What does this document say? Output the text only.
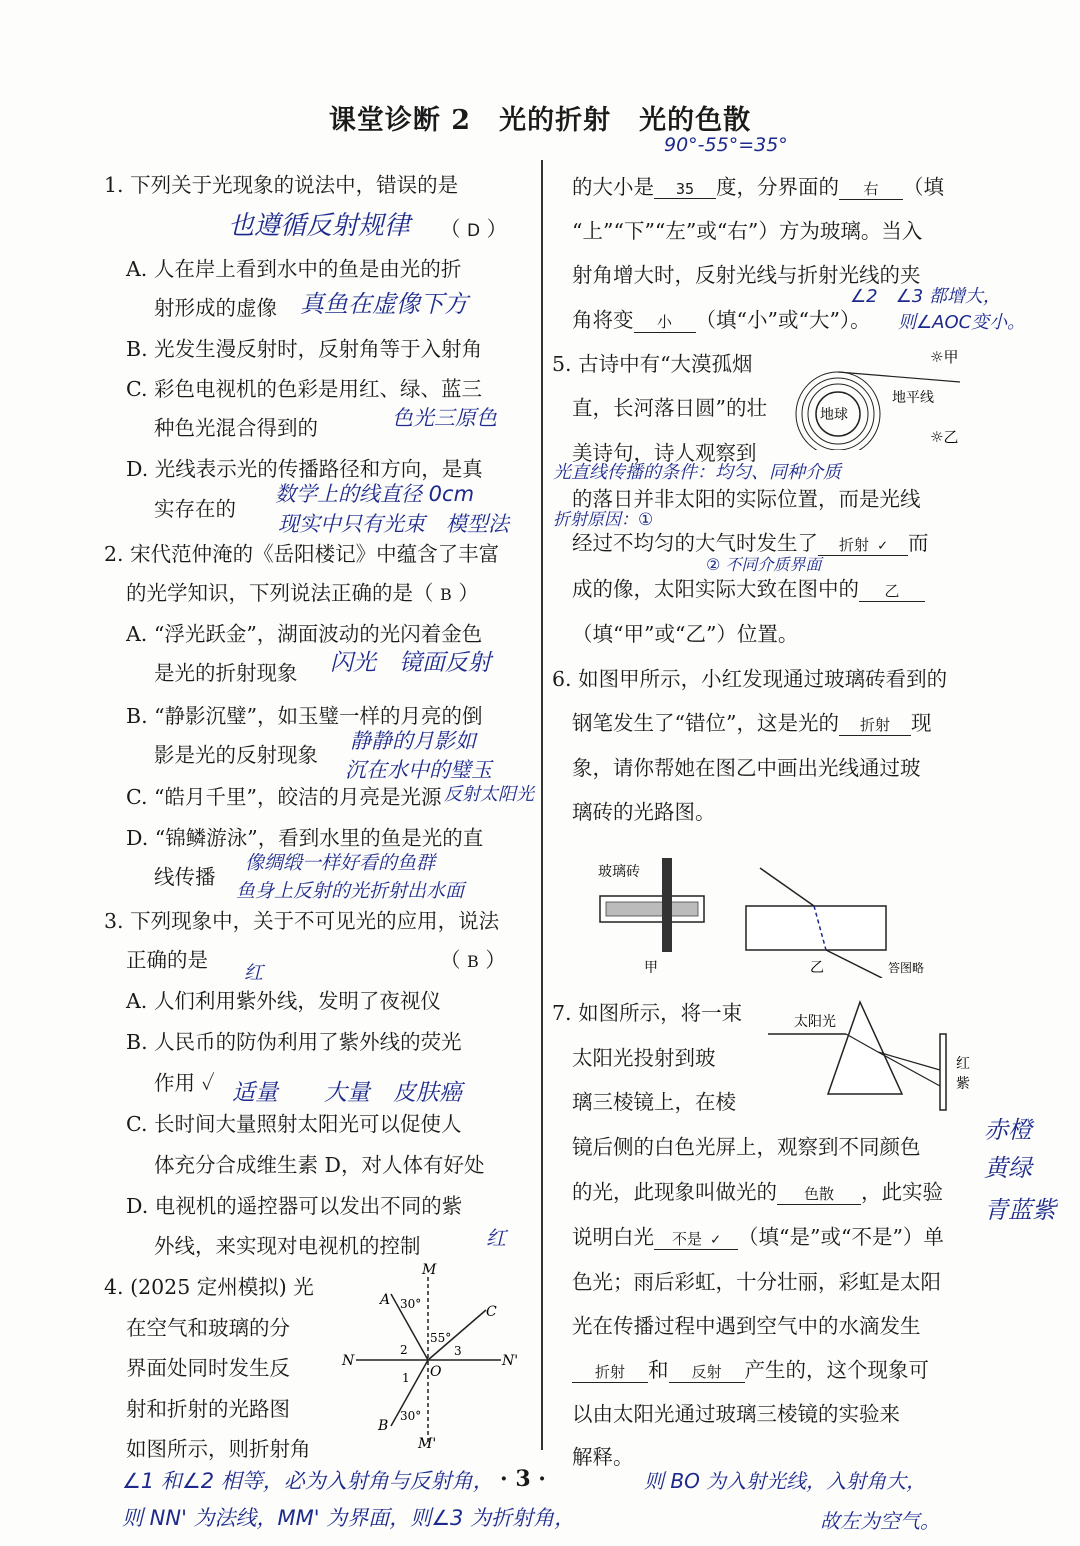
课堂诊断 2　光的折射　光的色散
90°-55°=35°
1. 下列关于光现象的说法中，错误的是
也遵循反射规律 （ D ）
A. 人在岸上看到水中的鱼是由光的折
射形成的虚像 真鱼在虚像下方
B. 光发生漫反射时，反射角等于入射角
C. 彩色电视机的色彩是用红、绿、蓝三
种色光混合得到的	色光三原色
D. 光线表示光的传播路径和方向，是真
实存在的
数学上的线直径 0cm
现实中只有光束　模型法
2. 宋代范仲淹的《岳阳楼记》中蕴含了丰富
的光学知识，下列说法正确的是（ B ）
A. “浮光跃金”，湖面波动的光闪着金色
是光的折射现象 闪光　镜面反射
B. “静影沉璧”，如玉璧一样的月亮的倒
影是光的反射现象
静静的月影如
沉在水中的璧玉
C. “皓月千里”，皎洁的月亮是光源 反射太阳光
D. “锦鳞游泳”，看到水里的鱼是光的直
线传播
像绸缎一样好看的鱼群
鱼身上反射的光折射出水面
3. 下列现象中，关于不可见光的应用，说法
正确的是	（ B ）
红
A. 人们利用紫外线，发明了夜视仪
B. 人民币的防伪利用了紫外线的荧光
作用 ✓ 适量　　大量　皮肤癌
C. 长时间大量照射太阳光可以促使人
体充分合成维生素 D，对人体有好处
D. 电视机的遥控器可以发出不同的紫
外线，来实现对电视机的控制	红
4. (2025 定州模拟) 光
在空气和玻璃的分
界面处同时发生反
射和折射的光路图
如图所示，则折射角
M
M'
N	N'
A
B
C
O
1
2	3
30°
30°
55°
∠1 和∠2 相等，必为入射角与反射角，
则 NN' 为法线，MM' 为界面，则∠3 为折射角，
· 3 ·
的大小是 35 度，分界面的 右 （填
“上”“下”“左”或“右”）方为玻璃。当入
射角增大时，反射光线与折射光线的夹
∠2　∠3 都增大，
角将变 小 （填“小”或“大”）。 则∠AOC变小。
5. 古诗中有“大漠孤烟
直，长河落日圆”的壮
美诗句，诗人观察到
光直线传播的条件：均匀、同种介质
的落日并非太阳的实际位置，而是光线
折射原因：①
经过不均匀的大气时发生了 折射 ✓ 而
② 不同介质界面
成的像，太阳实际大致在图中的 乙
（填“甲”或“乙”）位置。
地球
地平线
☼甲
☼乙
6. 如图甲所示，小红发现通过玻璃砖看到的
钢笔发生了“错位”，这是光的 折射 现
象，请你帮她在图乙中画出光线通过玻
璃砖的光路图。
玻璃砖
甲	乙	答图略
7. 如图所示，将一束
太阳光投射到玻
璃三棱镜上，在棱
镜后侧的白色光屏上，观察到不同颜色
的光，此现象叫做光的 色散 ，此实验
说明白光 不是 ✓ （填“是”或“不是”）单
色光；雨后彩虹，十分壮丽，彩虹是太阳
光在传播过程中遇到空气中的水滴发生
折射 和 反射 产生的，这个现象可
以由太阳光通过玻璃三棱镜的实验来
解释。
赤橙
黄绿
青蓝紫
太阳光
红
紫
则 BO 为入射光线，入射角大，
故左为空气。
